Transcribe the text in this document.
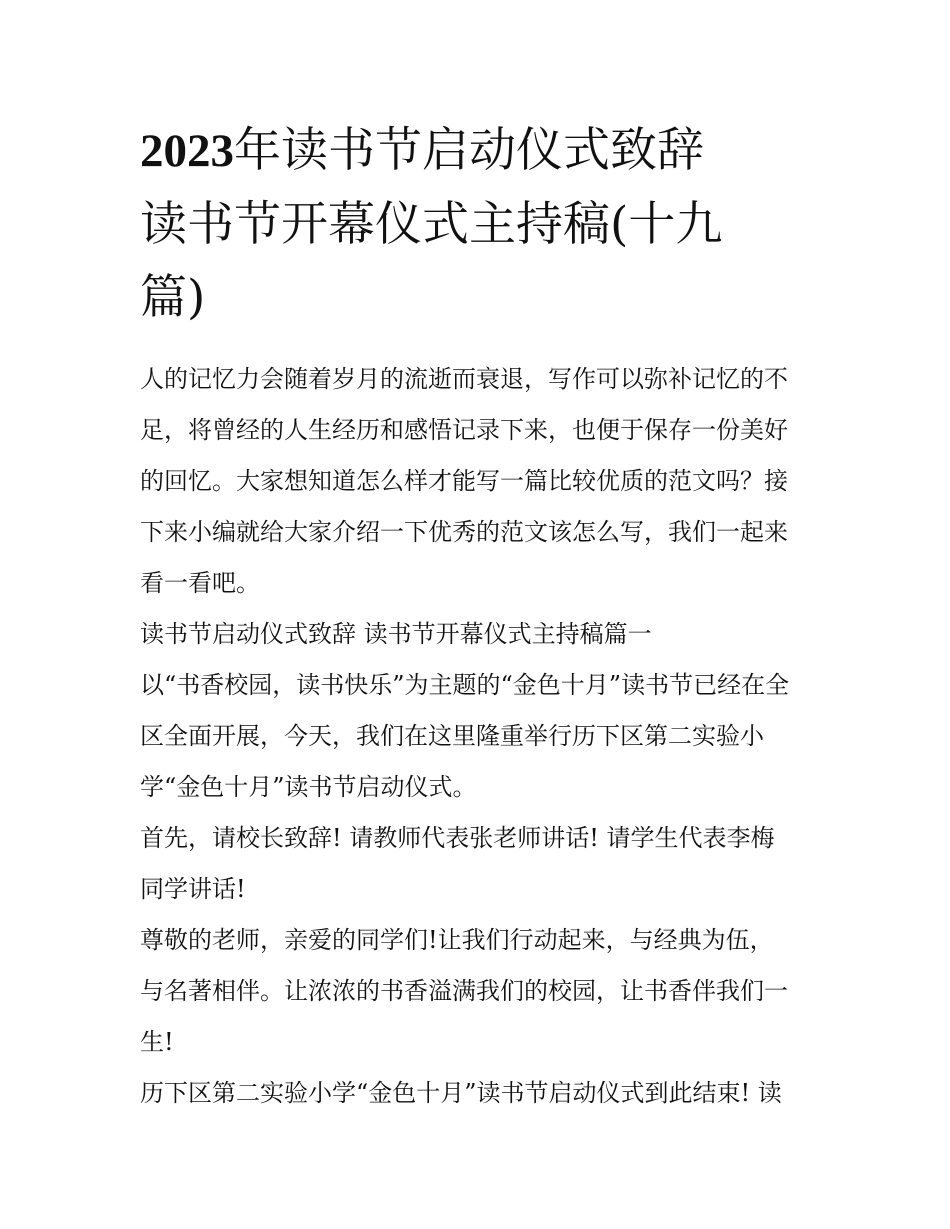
2023年读书节启动仪式致辞
读书节开幕仪式主持稿(十九
篇)
人的记忆力会随着岁月的流逝而衰退，写作可以弥补记忆的不
足，将曾经的人生经历和感悟记录下来，也便于保存一份美好
的回忆。大家想知道怎么样才能写一篇比较优质的范文吗？接
下来小编就给大家介绍一下优秀的范文该怎么写，我们一起来
看一看吧。
读书节启动仪式致辞 读书节开幕仪式主持稿篇一
以“书香校园，读书快乐”为主题的“金色十月”读书节已经在全
区全面开展，今天，我们在这里隆重举行历下区第二实验小
学“金色十月”读书节启动仪式。
首先，请校长致辞! 请教师代表张老师讲话! 请学生代表李梅
同学讲话!
尊敬的老师，亲爱的同学们!让我们行动起来，与经典为伍，
与名著相伴。让浓浓的书香溢满我们的校园，让书香伴我们一
生!
历下区第二实验小学“金色十月”读书节启动仪式到此结束! 读
